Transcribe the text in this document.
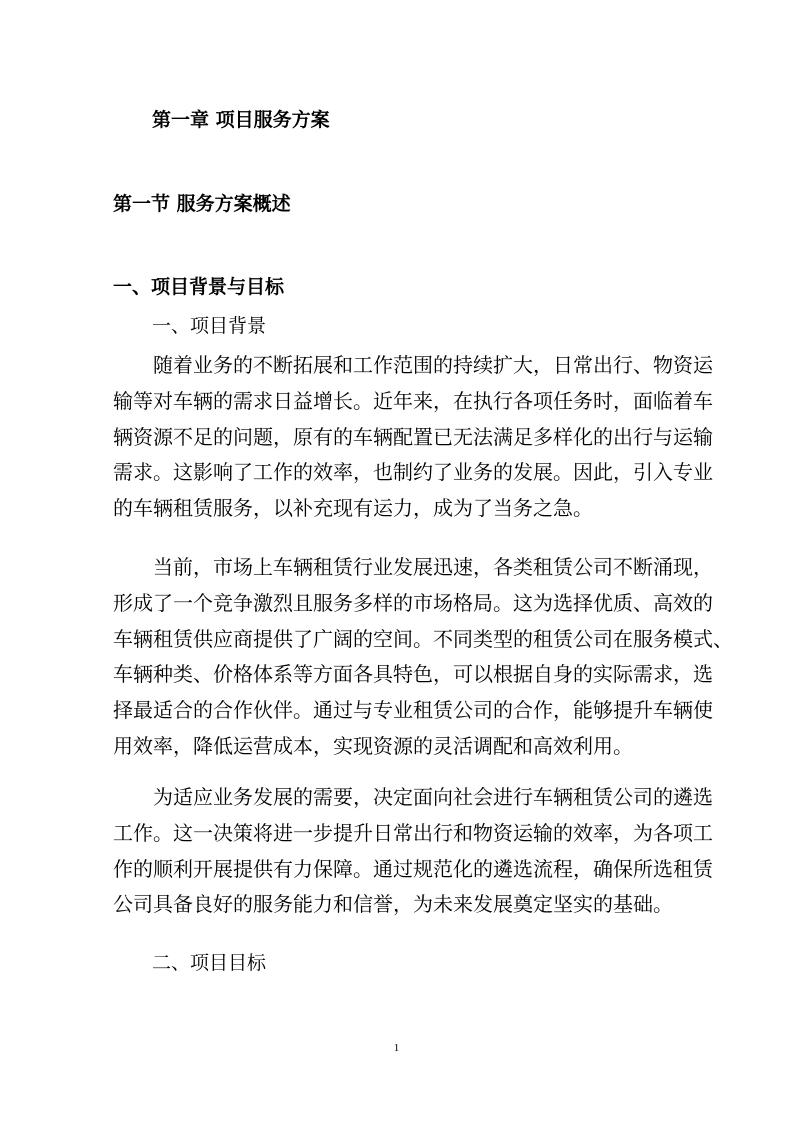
第一章 项目服务方案
第一节 服务方案概述
一、项目背景与目标
一、项目背景
随着业务的不断拓展和工作范围的持续扩大，日常出行、物资运
输等对车辆的需求日益增长。近年来，在执行各项任务时，面临着车
辆资源不足的问题，原有的车辆配置已无法满足多样化的出行与运输
需求。这影响了工作的效率，也制约了业务的发展。因此，引入专业
的车辆租赁服务，以补充现有运力，成为了当务之急。
当前，市场上车辆租赁行业发展迅速，各类租赁公司不断涌现，
形成了一个竞争激烈且服务多样的市场格局。这为选择优质、高效的
车辆租赁供应商提供了广阔的空间。不同类型的租赁公司在服务模式、
车辆种类、价格体系等方面各具特色，可以根据自身的实际需求，选
择最适合的合作伙伴。通过与专业租赁公司的合作，能够提升车辆使
用效率，降低运营成本，实现资源的灵活调配和高效利用。
为适应业务发展的需要，决定面向社会进行车辆租赁公司的遴选
工作。这一决策将进一步提升日常出行和物资运输的效率，为各项工
作的顺利开展提供有力保障。通过规范化的遴选流程，确保所选租赁
公司具备良好的服务能力和信誉，为未来发展奠定坚实的基础。
二、项目目标
1
